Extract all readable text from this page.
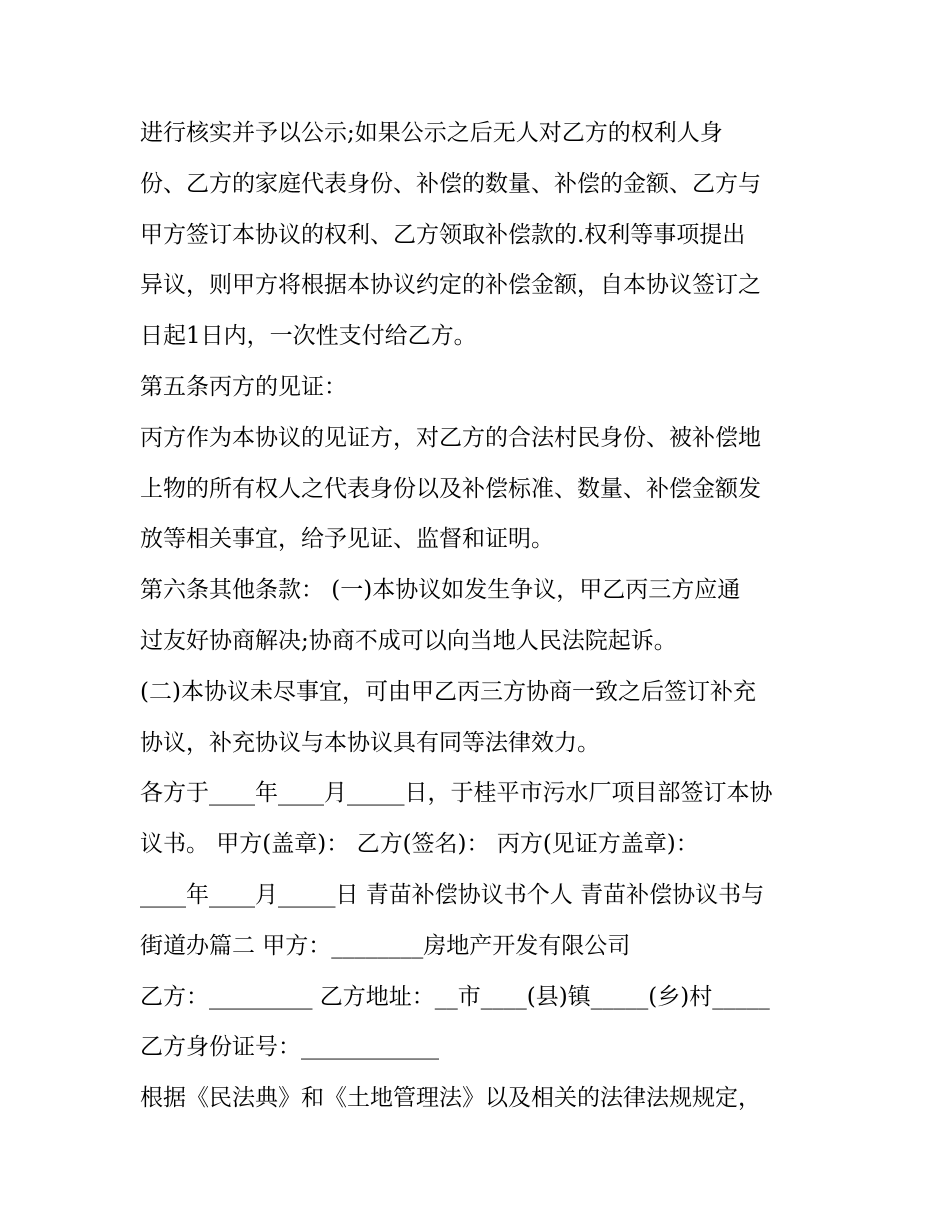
进行核实并予以公示;如果公示之后无人对乙方的权利人身
份、乙方的家庭代表身份、补偿的数量、补偿的金额、乙方与
甲方签订本协议的权利、乙方领取补偿款的.权利等事项提出
异议，则甲方将根据本协议约定的补偿金额，自本协议签订之
日起1日内，一次性支付给乙方。
第五条丙方的见证：
丙方作为本协议的见证方，对乙方的合法村民身份、被补偿地
上物的所有权人之代表身份以及补偿标准、数量、补偿金额发
放等相关事宜，给予见证、监督和证明。
第六条其他条款： (一)本协议如发生争议，甲乙丙三方应通
过友好协商解决;协商不成可以向当地人民法院起诉。
(二)本协议未尽事宜，可由甲乙丙三方协商一致之后签订补充
协议，补充协议与本协议具有同等法律效力。
各方于____年____月_____日，于桂平市污水厂项目部签订本协
议书。 甲方(盖章)： 乙方(签名)： 丙方(见证方盖章)：
____年____月_____日 青苗补偿协议书个人 青苗补偿协议书与
街道办篇二 甲方：________房地产开发有限公司
乙方：_________ 乙方地址：__市____(县)镇_____(乡)村_____
乙方身份证号：____________
根据《民法典》和《土地管理法》以及相关的法律法规规定，
